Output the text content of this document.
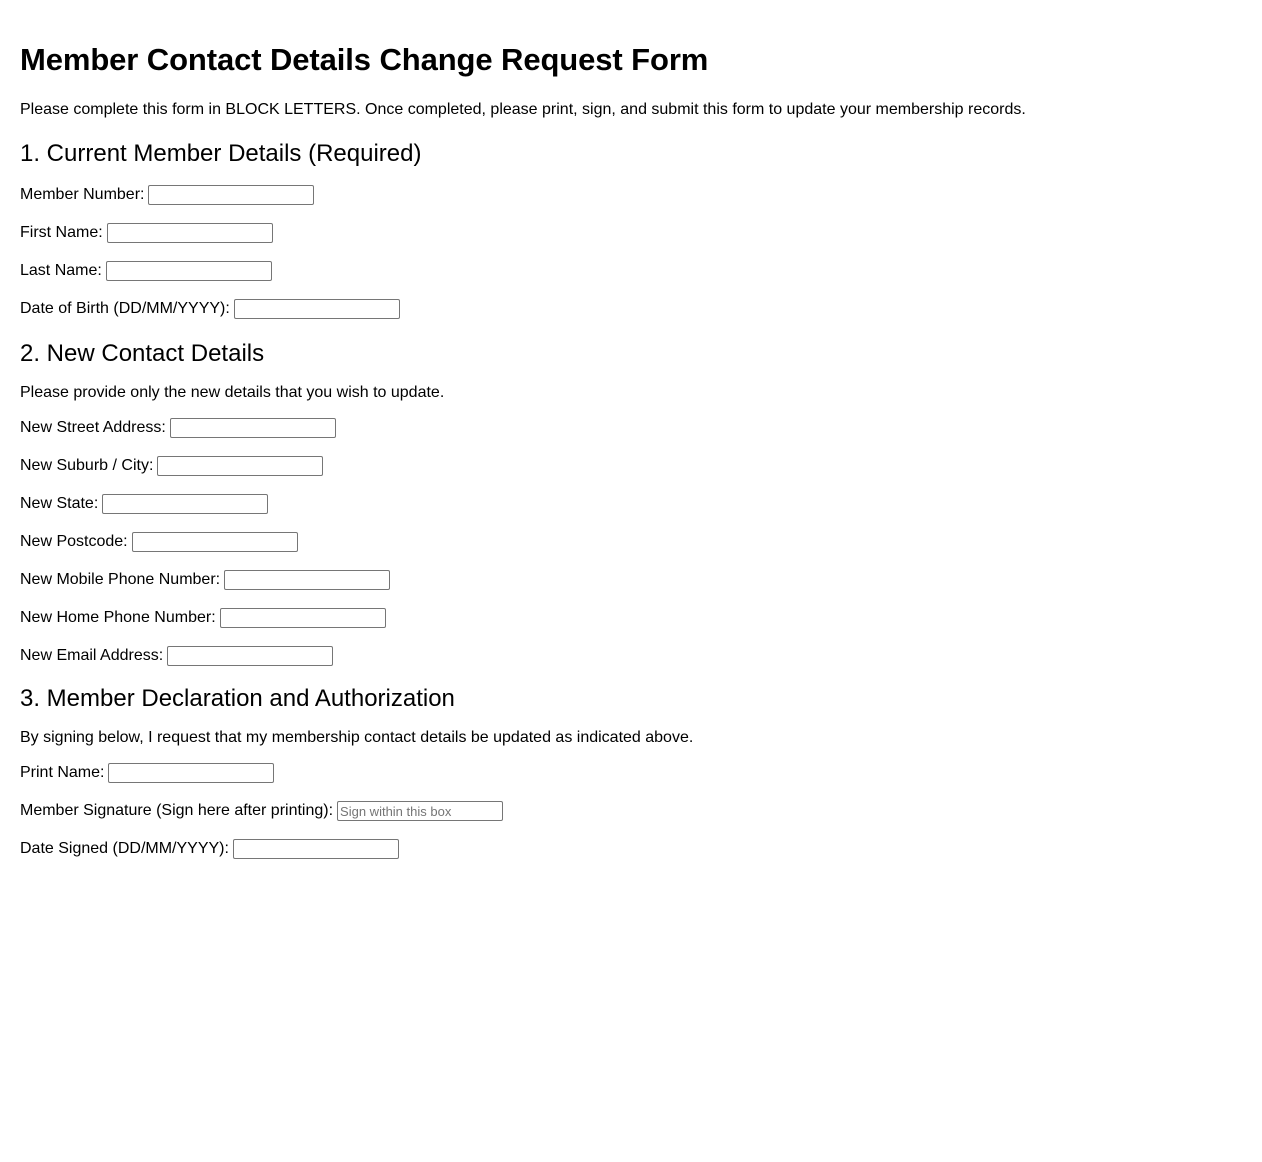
Member Contact Details Change Request Form

Please complete this form in BLOCK LETTERS. Once completed, please print, sign, and submit this form to update your membership records.

1. Current Member Details (Required)
Member Number:
First Name:
Last Name:
Date of Birth (DD/MM/YYYY):
2. New Contact Details

Please provide only the new details that you wish to update.

New Street Address:
New Suburb / City:
New State:
New Postcode:
New Mobile Phone Number:
New Home Phone Number:
New Email Address:
3. Member Declaration and Authorization

By signing below, I request that my membership contact details be updated as indicated above.

Print Name:
Member Signature (Sign here after printing):
Sign within this box
Date Signed (DD/MM/YYYY):
